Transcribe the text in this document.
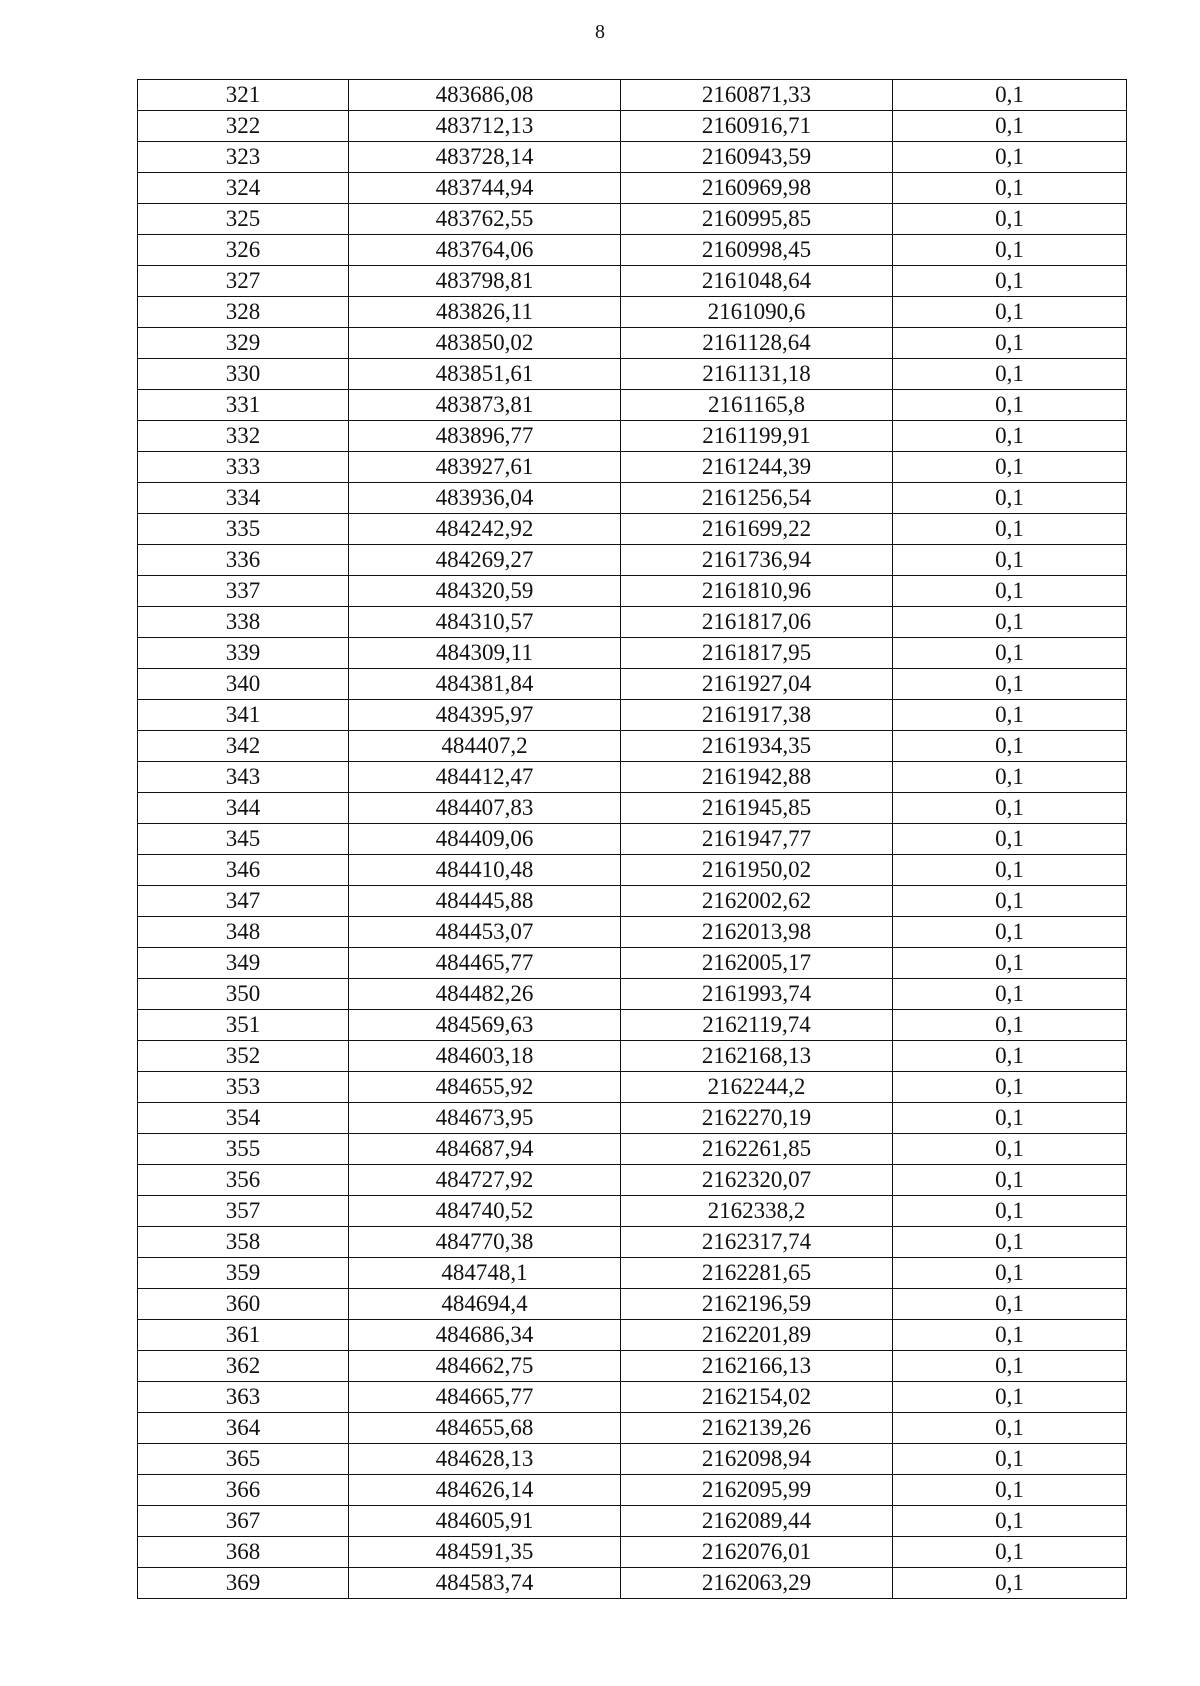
8
321	483686,08	2160871,33	0,1
322	483712,13	2160916,71	0,1
323	483728,14	2160943,59	0,1
324	483744,94	2160969,98	0,1
325	483762,55	2160995,85	0,1
326	483764,06	2160998,45	0,1
327	483798,81	2161048,64	0,1
328	483826,11	2161090,6	0,1
329	483850,02	2161128,64	0,1
330	483851,61	2161131,18	0,1
331	483873,81	2161165,8	0,1
332	483896,77	2161199,91	0,1
333	483927,61	2161244,39	0,1
334	483936,04	2161256,54	0,1
335	484242,92	2161699,22	0,1
336	484269,27	2161736,94	0,1
337	484320,59	2161810,96	0,1
338	484310,57	2161817,06	0,1
339	484309,11	2161817,95	0,1
340	484381,84	2161927,04	0,1
341	484395,97	2161917,38	0,1
342	484407,2	2161934,35	0,1
343	484412,47	2161942,88	0,1
344	484407,83	2161945,85	0,1
345	484409,06	2161947,77	0,1
346	484410,48	2161950,02	0,1
347	484445,88	2162002,62	0,1
348	484453,07	2162013,98	0,1
349	484465,77	2162005,17	0,1
350	484482,26	2161993,74	0,1
351	484569,63	2162119,74	0,1
352	484603,18	2162168,13	0,1
353	484655,92	2162244,2	0,1
354	484673,95	2162270,19	0,1
355	484687,94	2162261,85	0,1
356	484727,92	2162320,07	0,1
357	484740,52	2162338,2	0,1
358	484770,38	2162317,74	0,1
359	484748,1	2162281,65	0,1
360	484694,4	2162196,59	0,1
361	484686,34	2162201,89	0,1
362	484662,75	2162166,13	0,1
363	484665,77	2162154,02	0,1
364	484655,68	2162139,26	0,1
365	484628,13	2162098,94	0,1
366	484626,14	2162095,99	0,1
367	484605,91	2162089,44	0,1
368	484591,35	2162076,01	0,1
369	484583,74	2162063,29	0,1
